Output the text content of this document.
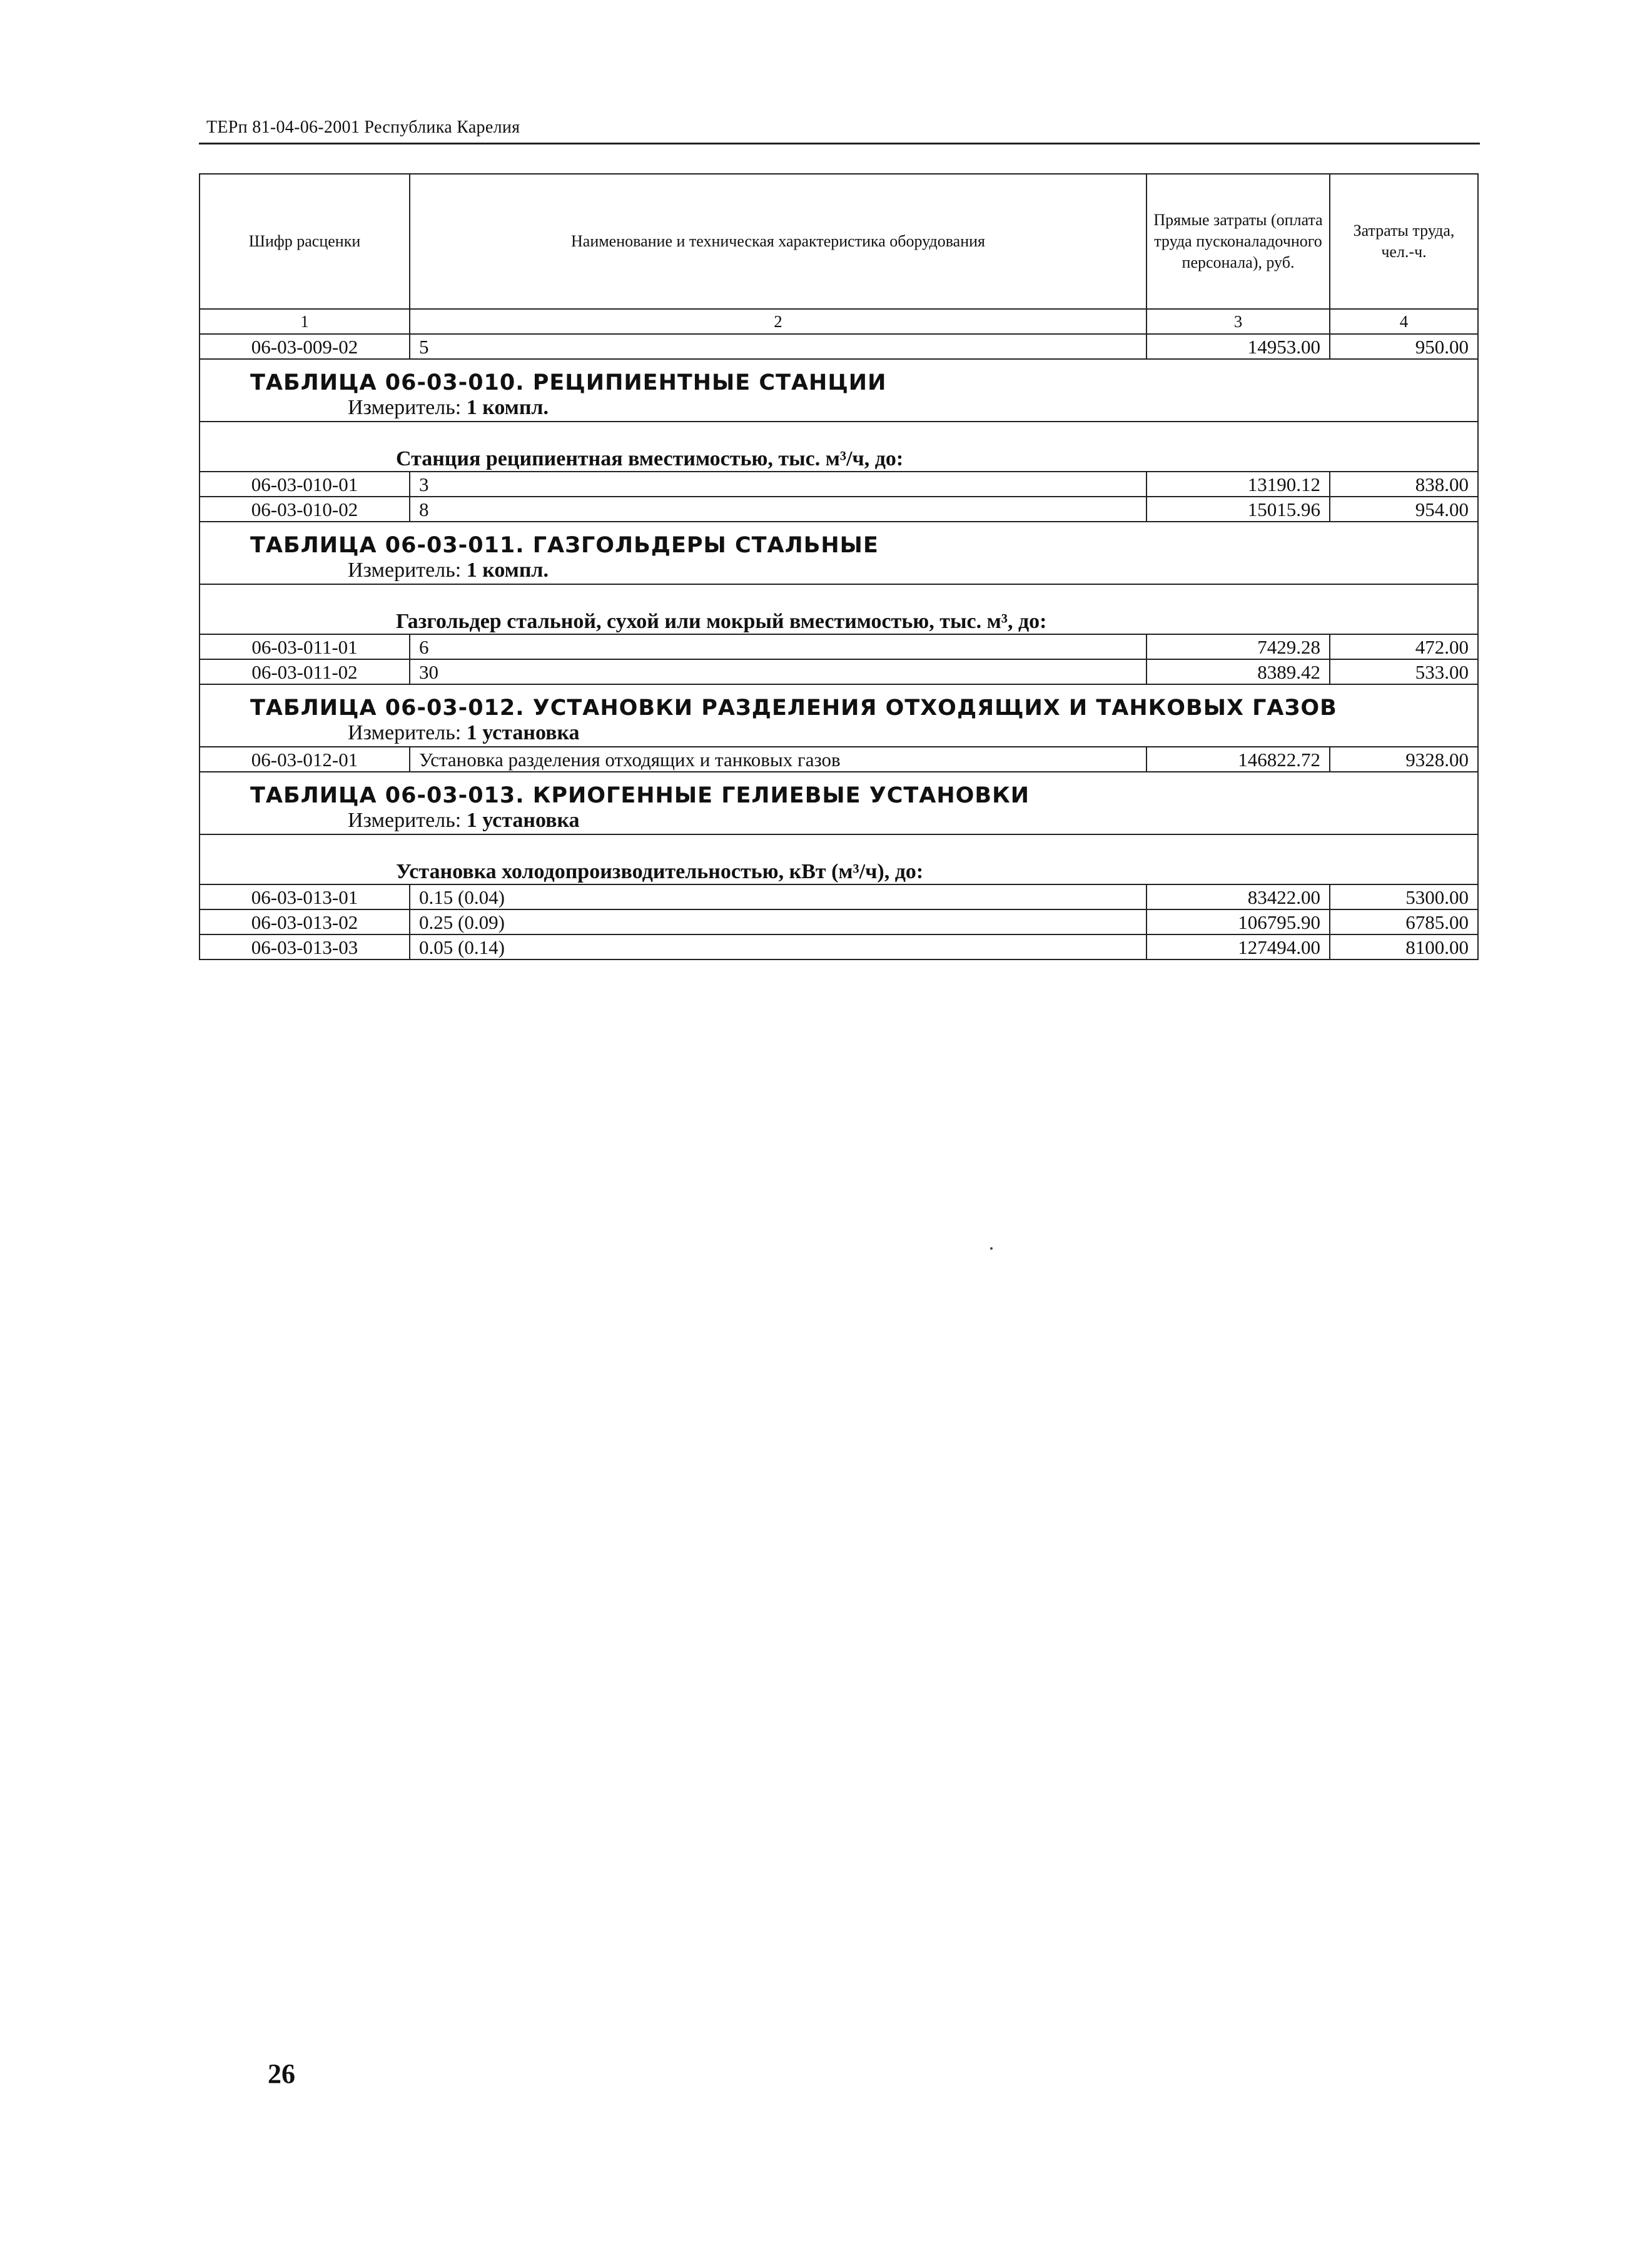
ТЕРп 81-04-06-2001 Республика Карелия
Шифр расценки	Наименование и техническая характеристика оборудования	Прямые затраты (оплата труда пусконаладочного персонала), руб.	Затраты труда, чел.-ч.
1	2	3	4
06-03-009-02	5	14953.00	950.00
ТАБЛИЦА 06-03-010. РЕЦИПИЕНТНЫЕ СТАНЦИИ			
Измеритель: 1 компл.			
Станция реципиентная вместимостью, тыс. м³/ч, до:			
06-03-010-01	3	13190.12	838.00
06-03-010-02	8	15015.96	954.00
ТАБЛИЦА 06-03-011. ГАЗГОЛЬДЕРЫ СТАЛЬНЫЕ			
Измеритель: 1 компл.			
Газгольдер стальной, сухой или мокрый вместимостью, тыс. м³, до:			
06-03-011-01	6	7429.28	472.00
06-03-011-02	30	8389.42	533.00
ТАБЛИЦА 06-03-012. УСТАНОВКИ РАЗДЕЛЕНИЯ ОТХОДЯЩИХ И ТАНКОВЫХ ГАЗОВ			
Измеритель: 1 установка			
06-03-012-01	Установка разделения отходящих и танковых газов	146822.72	9328.00
ТАБЛИЦА 06-03-013. КРИОГЕННЫЕ ГЕЛИЕВЫЕ УСТАНОВКИ			
Измеритель: 1 установка			
Установка холодопроизводительностью, кВт (м³/ч), до:			
06-03-013-01	0.15 (0.04)	83422.00	5300.00
06-03-013-02	0.25 (0.09)	106795.90	6785.00
06-03-013-03	0.05 (0.14)	127494.00	8100.00
26
